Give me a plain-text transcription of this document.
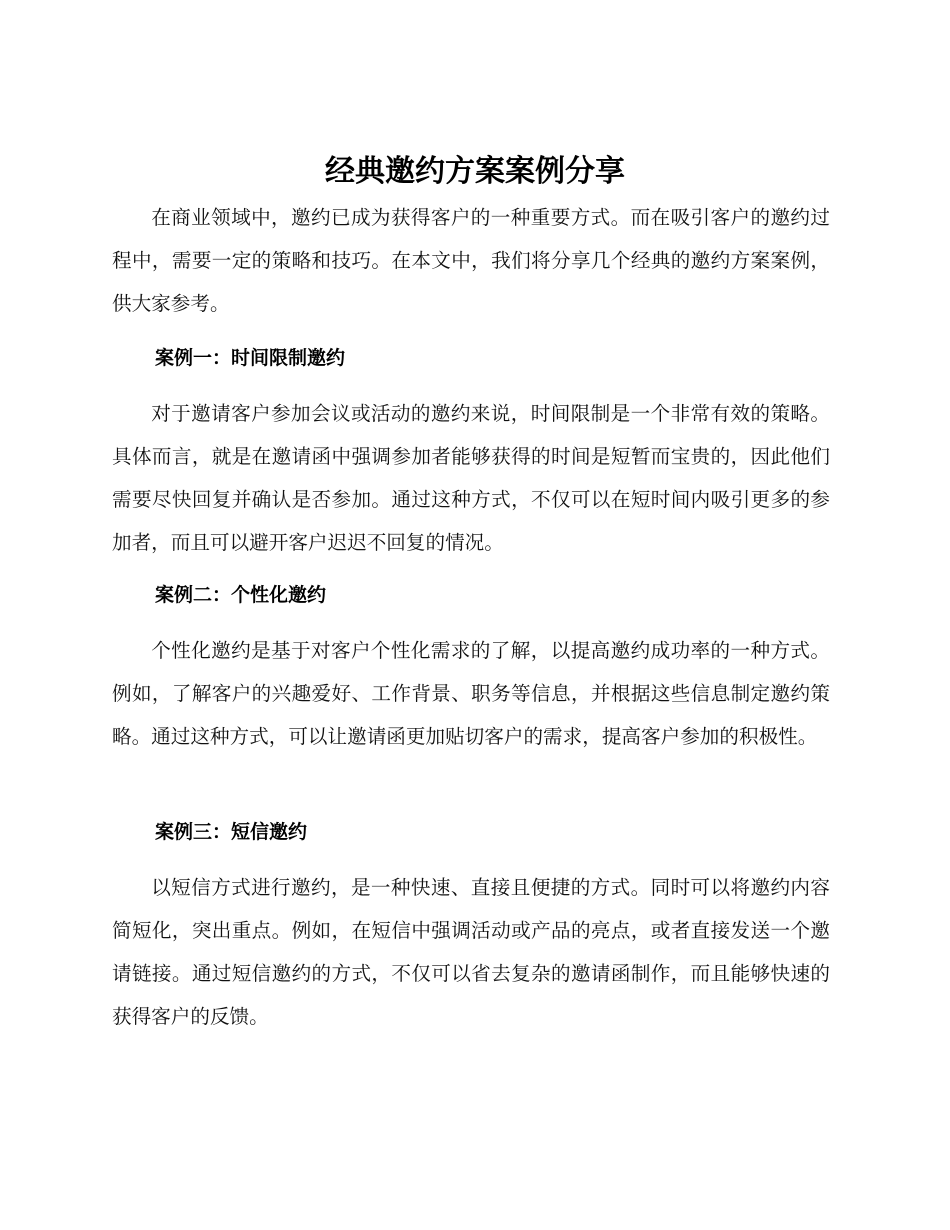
经典邀约方案案例分享

在商业领域中，邀约已成为获得客户的一种重要方式。而在吸引客户的邀约过程中，需要一定的策略和技巧。在本文中，我们将分享几个经典的邀约方案案例，供大家参考。

案例一：时间限制邀约

对于邀请客户参加会议或活动的邀约来说，时间限制是一个非常有效的策略。具体而言，就是在邀请函中强调参加者能够获得的时间是短暂而宝贵的，因此他们需要尽快回复并确认是否参加。通过这种方式，不仅可以在短时间内吸引更多的参加者，而且可以避开客户迟迟不回复的情况。

案例二：个性化邀约

个性化邀约是基于对客户个性化需求的了解，以提高邀约成功率的一种方式。例如，了解客户的兴趣爱好、工作背景、职务等信息，并根据这些信息制定邀约策略。通过这种方式，可以让邀请函更加贴切客户的需求，提高客户参加的积极性。

案例三：短信邀约

以短信方式进行邀约，是一种快速、直接且便捷的方式。同时可以将邀约内容简短化，突出重点。例如，在短信中强调活动或产品的亮点，或者直接发送一个邀请链接。通过短信邀约的方式，不仅可以省去复杂的邀请函制作，而且能够快速的获得客户的反馈。
